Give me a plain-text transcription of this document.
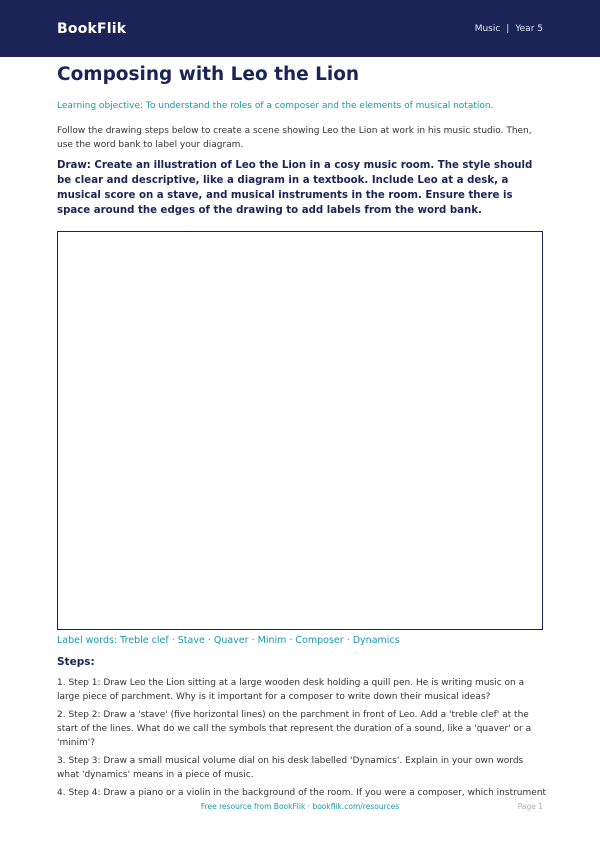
BookFlik	Music | Year 5
Composing with Leo the Lion

Learning objective: To understand the roles of a composer and the elements of musical notation.

Follow the drawing steps below to create a scene showing Leo the Lion at work in his music studio. Then, use the word bank to label your diagram.

Draw: Create an illustration of Leo the Lion in a cosy music room. The style should be clear and descriptive, like a diagram in a textbook. Include Leo at a desk, a musical score on a stave, and musical instruments in the room. Ensure there is space around the edges of the drawing to add labels from the word bank.

Label words: Treble clef · Stave · Quaver · Minim · Composer · Dynamics

Steps:
1. Step 1: Draw Leo the Lion sitting at a large wooden desk holding a quill pen. He is writing music on a large piece of parchment. Why is it important for a composer to write down their musical ideas?
2. Step 2: Draw a 'stave' (five horizontal lines) on the parchment in front of Leo. Add a 'treble clef' at the start of the lines. What do we call the symbols that represent the duration of a sound, like a 'quaver' or a 'minim'?
3. Step 3: Draw a small musical volume dial on his desk labelled 'Dynamics'. Explain in your own words what 'dynamics' means in a piece of music.
4. Step 4: Draw a piano or a violin in the background of the room. If you were a composer, which instrument

Free resource from BookFlik · bookflik.com/resources	Page 1
